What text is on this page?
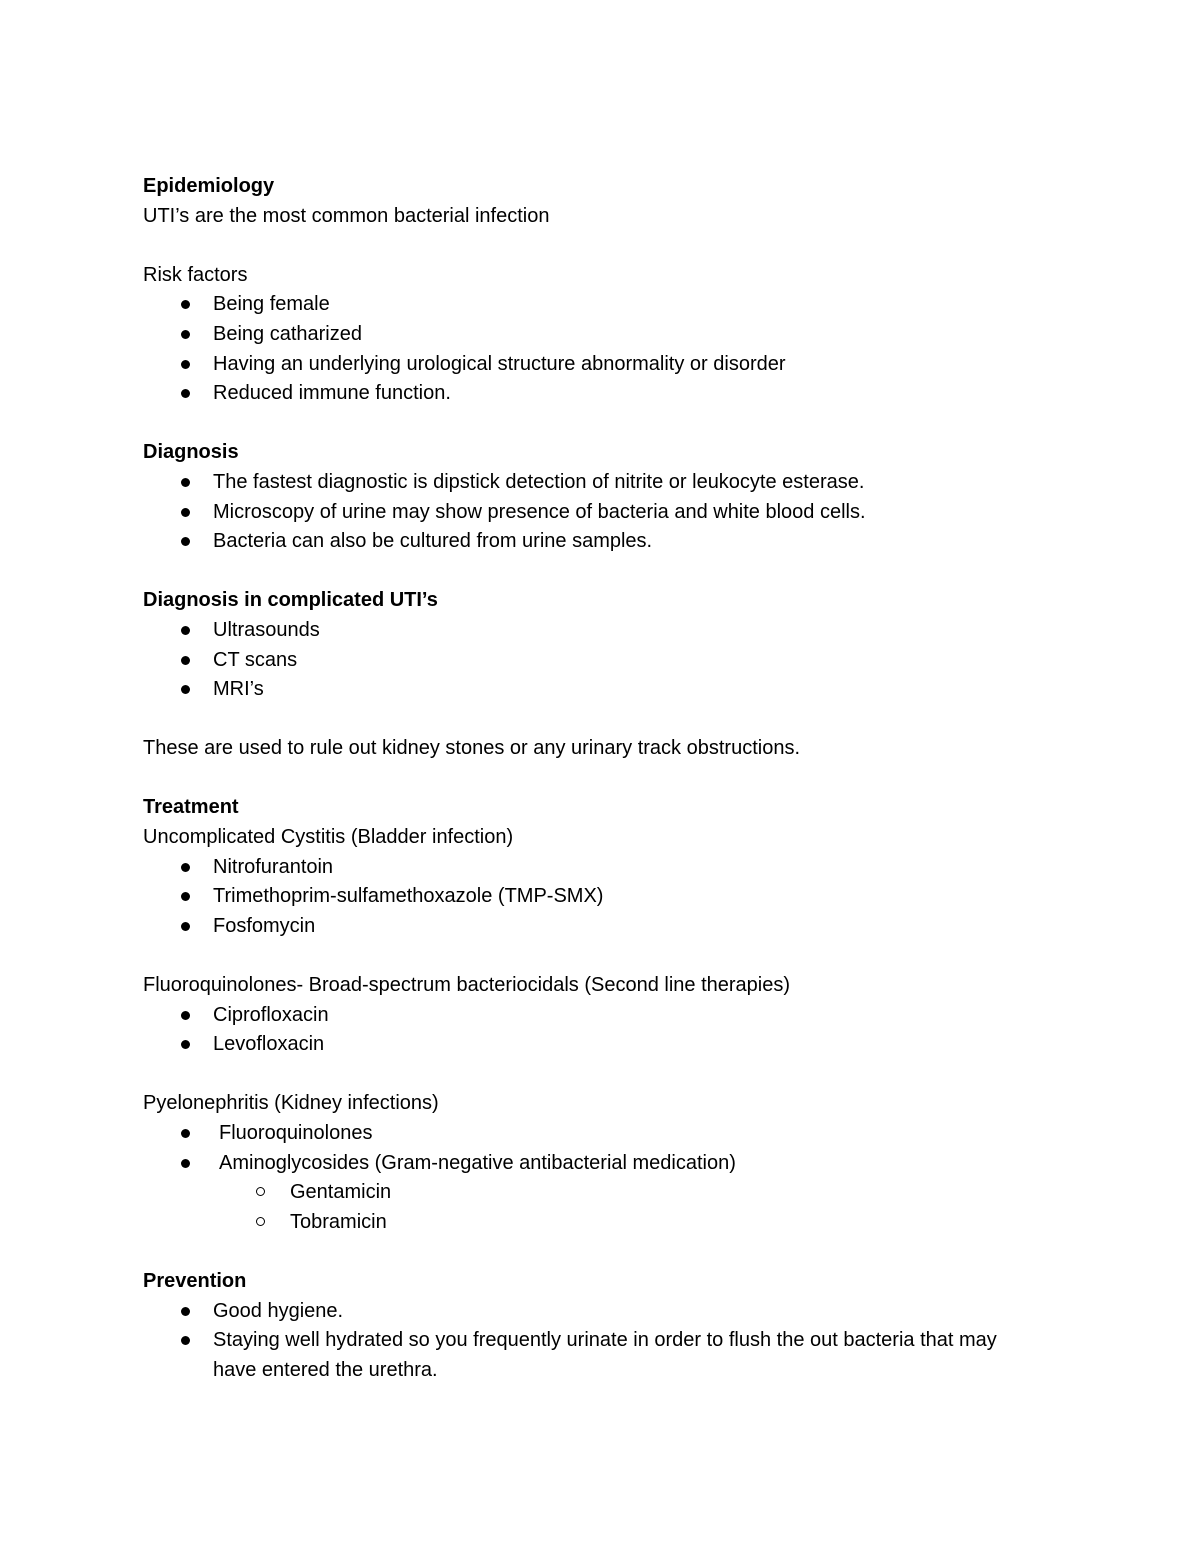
Epidemiology

UTI’s are the most common bacterial infection

Risk factors

Being female
Being catharized
Having an underlying urological structure abnormality or disorder
Reduced immune function.

Diagnosis

The fastest diagnostic is dipstick detection of nitrite or leukocyte esterase.
Microscopy of urine may show presence of bacteria and white blood cells.
Bacteria can also be cultured from urine samples.

Diagnosis in complicated UTI’s

Ultrasounds
CT scans
MRI’s

These are used to rule out kidney stones or any urinary track obstructions.

Treatment

Uncomplicated Cystitis (Bladder infection)

Nitrofurantoin
Trimethoprim-sulfamethoxazole (TMP-SMX)
Fosfomycin

Fluoroquinolones- Broad-spectrum bacteriocidals (Second line therapies)

Ciprofloxacin
Levofloxacin

Pyelonephritis (Kidney infections)

Fluoroquinolones
Aminoglycosides (Gram-negative antibacterial medication)
Gentamicin
Tobramicin

Prevention

Good hygiene.
Staying well hydrated so you frequently urinate in order to flush the out bacteria that may have entered the urethra.
